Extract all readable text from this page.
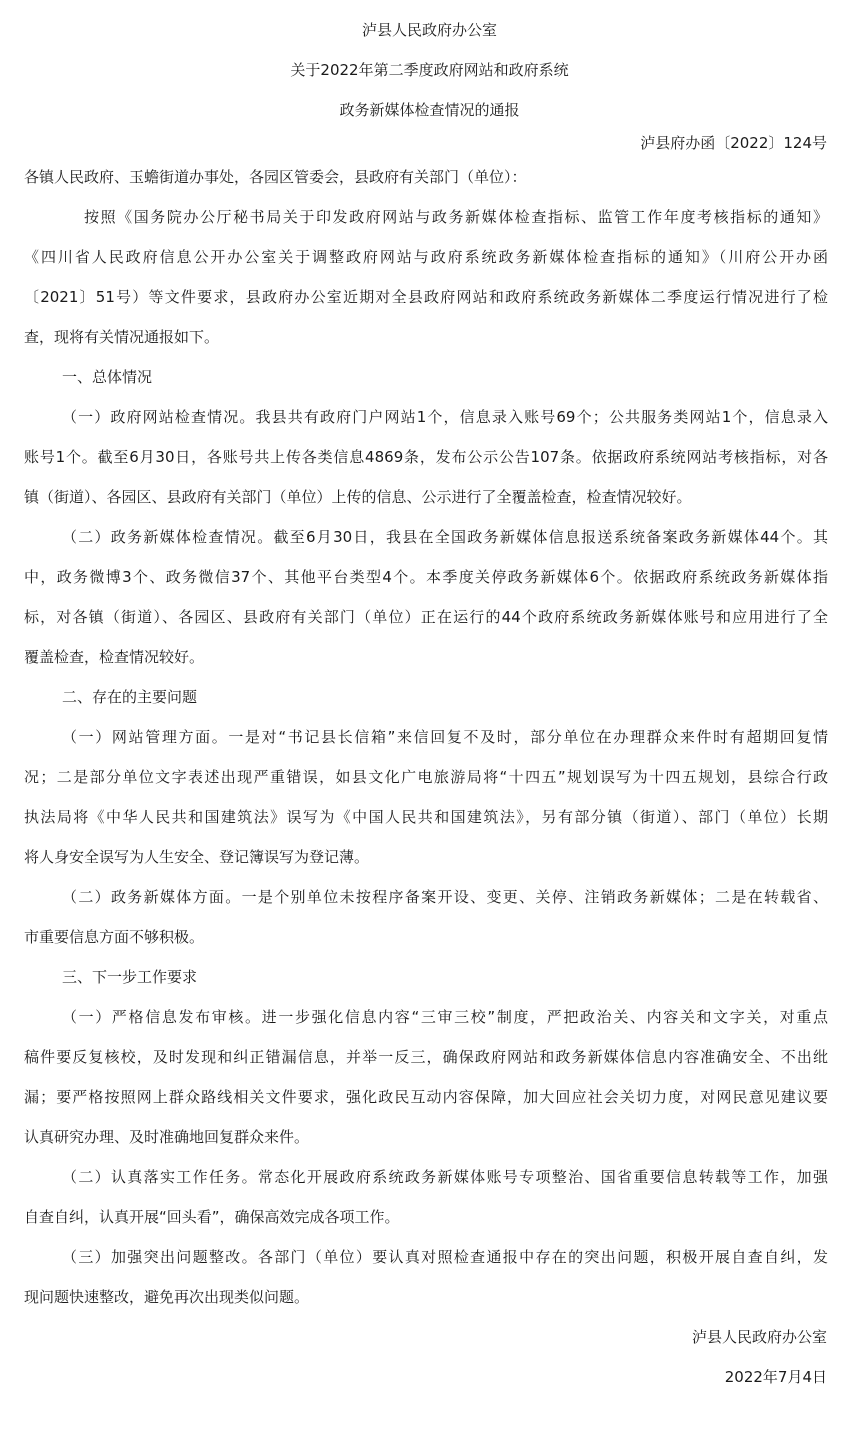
泸县人民政府办公室
关于2022年第二季度政府网站和政府系统
政务新媒体检查情况的通报
泸县府办函〔2022〕124号
各镇人民政府、玉蟾街道办事处，各园区管委会，县政府有关部门（单位）：
按照《国务院办公厅秘书局关于印发政府网站与政务新媒体检查指标、监管工作年度考核指标的通知》
《四川省人民政府信息公开办公室关于调整政府网站与政府系统政务新媒体检查指标的通知》（川府公开办函
〔2021〕51号）等文件要求，县政府办公室近期对全县政府网站和政府系统政务新媒体二季度运行情况进行了检
查，现将有关情况通报如下。
一、总体情况
（一）政府网站检查情况。我县共有政府门户网站1个，信息录入账号69个；公共服务类网站1个，信息录入
账号1个。截至6月30日，各账号共上传各类信息4869条，发布公示公告107条。依据政府系统网站考核指标，对各
镇（街道）、各园区、县政府有关部门（单位）上传的信息、公示进行了全覆盖检查，检查情况较好。
（二）政务新媒体检查情况。截至6月30日，我县在全国政务新媒体信息报送系统备案政务新媒体44个。其
中，政务微博3个、政务微信37个、其他平台类型4个。本季度关停政务新媒体6个。依据政府系统政务新媒体指
标，对各镇（街道）、各园区、县政府有关部门（单位）正在运行的44个政府系统政务新媒体账号和应用进行了全
覆盖检查，检查情况较好。
二、存在的主要问题
（一）网站管理方面。一是对“书记县长信箱”来信回复不及时，部分单位在办理群众来件时有超期回复情
况；二是部分单位文字表述出现严重错误，如县文化广电旅游局将“十四五”规划误写为十四五规划，县综合行政
执法局将《中华人民共和国建筑法》误写为《中国人民共和国建筑法》，另有部分镇（街道）、部门（单位）长期
将人身安全误写为人生安全、登记簿误写为登记薄。
（二）政务新媒体方面。一是个别单位未按程序备案开设、变更、关停、注销政务新媒体；二是在转载省、
市重要信息方面不够积极。
三、下一步工作要求
（一）严格信息发布审核。进一步强化信息内容“三审三校”制度，严把政治关、内容关和文字关，对重点
稿件要反复核校，及时发现和纠正错漏信息，并举一反三，确保政府网站和政务新媒体信息内容准确安全、不出纰
漏；要严格按照网上群众路线相关文件要求，强化政民互动内容保障，加大回应社会关切力度，对网民意见建议要
认真研究办理、及时准确地回复群众来件。
（二）认真落实工作任务。常态化开展政府系统政务新媒体账号专项整治、国省重要信息转载等工作，加强
自查自纠，认真开展“回头看”，确保高效完成各项工作。
（三）加强突出问题整改。各部门（单位）要认真对照检查通报中存在的突出问题，积极开展自查自纠，发
现问题快速整改，避免再次出现类似问题。
泸县人民政府办公室
2022年7月4日
